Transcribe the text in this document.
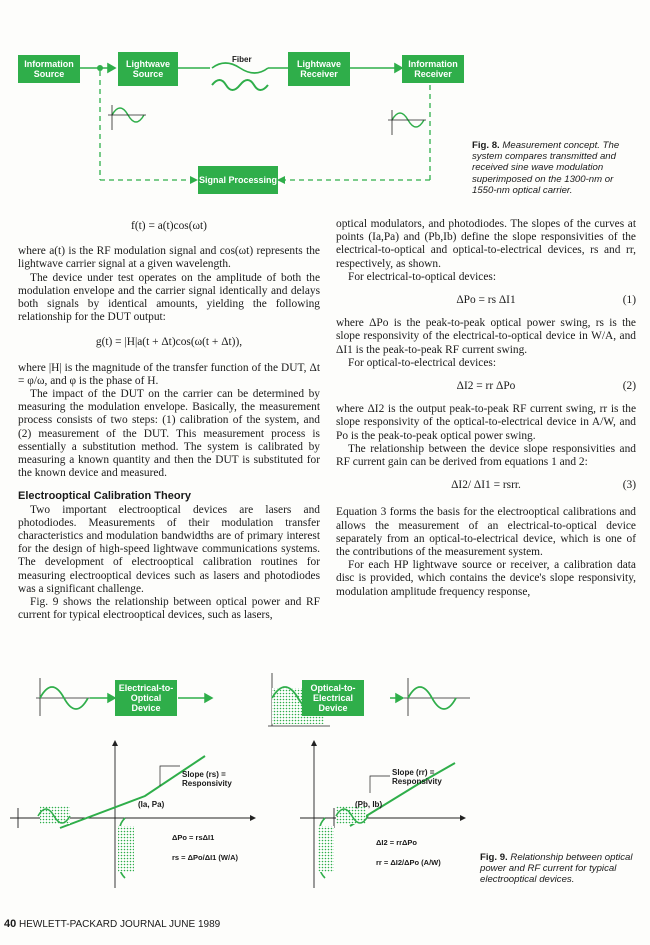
Information Source
Lightwave Source
Fiber	Lightwave Receiver
Information Receiver
Signal Processing
Fig. 8. Measurement concept. The system compares transmitted and received sine wave modulation superimposed on the 1300-nm or 1550-nm optical carrier.
f(t) = a(t)cos(ωt)

where a(t) is the RF modulation signal and cos(ωt) represents the lightwave carrier signal at a given wavelength.

The device under test operates on the amplitude of both the modulation envelope and the carrier signal identically and delays both signals by identical amounts, yielding the following relationship for the DUT output:

g(t) = |H|a(t + Δt)cos(ω(t + Δt)),

where |H| is the magnitude of the transfer function of the DUT, Δt = φ/ω, and φ is the phase of H.

The impact of the DUT on the carrier can be determined by measuring the modulation envelope. Basically, the measurement process consists of two steps: (1) calibration of the system, and (2) measurement of the DUT. This measurement process is essentially a substitution method. The system is calibrated by measuring a known quantity and then the DUT is substituted for the known device and measured.

Electrooptical Calibration Theory

Two important electrooptical devices are lasers and photodiodes. Measurements of their modulation transfer characteristics and modulation bandwidths are of primary interest for the design of high-speed lightwave communications systems. The development of electrooptical calibration routines for measuring electrooptical devices such as lasers and photodiodes was a significant challenge.

Fig. 9 shows the relationship between optical power and RF current for typical electrooptical devices, such as lasers,

optical modulators, and photodiodes. The slopes of the curves at points (Ia,Pa) and (Pb,Ib) define the slope responsivities of the electrical-to-optical and optical-to-electrical devices, rs and rr, respectively, as shown.

For electrical-to-optical devices:

ΔPo = rs ΔI1	(1)

where ΔPo is the peak-to-peak optical power swing, rs is the slope responsivity of the electrical-to-optical device in W/A, and ΔI1 is the peak-to-peak RF current swing.

For optical-to-electrical devices:

ΔI2 = rr ΔPo	(2)

where ΔI2 is the output peak-to-peak RF current swing, rr is the slope responsivity of the optical-to-electrical device in A/W, and Po is the peak-to-peak optical power swing.

The relationship between the device slope responsivities and RF current gain can be derived from equations 1 and 2:

ΔI2/ ΔI1 = rsrr.	(3)

Equation 3 forms the basis for the electrooptical calibrations and allows the measurement of an electrical-to-optical device separately from an optical-to-electrical device, which is one of the contributions of the measurement system.

For each HP lightwave source or receiver, a calibration data disc is provided, which contains the device's slope responsivity, modulation amplitude frequency response,

Electrical-to-Optical Device
Optical-to-Electrical Device
Slope (rs) = Responsivity
Slope (rr) = Responsivity
(Ia, Pa)	(Pb, Ib)
ΔPo = rsΔI1
rs = ΔPo/ΔI1 (W/A)
ΔI2 = rrΔPo
rr = ΔI2/ΔPo (A/W)	Fig. 9. Relationship between optical power and RF current for typical electrooptical devices.
40 HEWLETT-PACKARD JOURNAL JUNE 1989
